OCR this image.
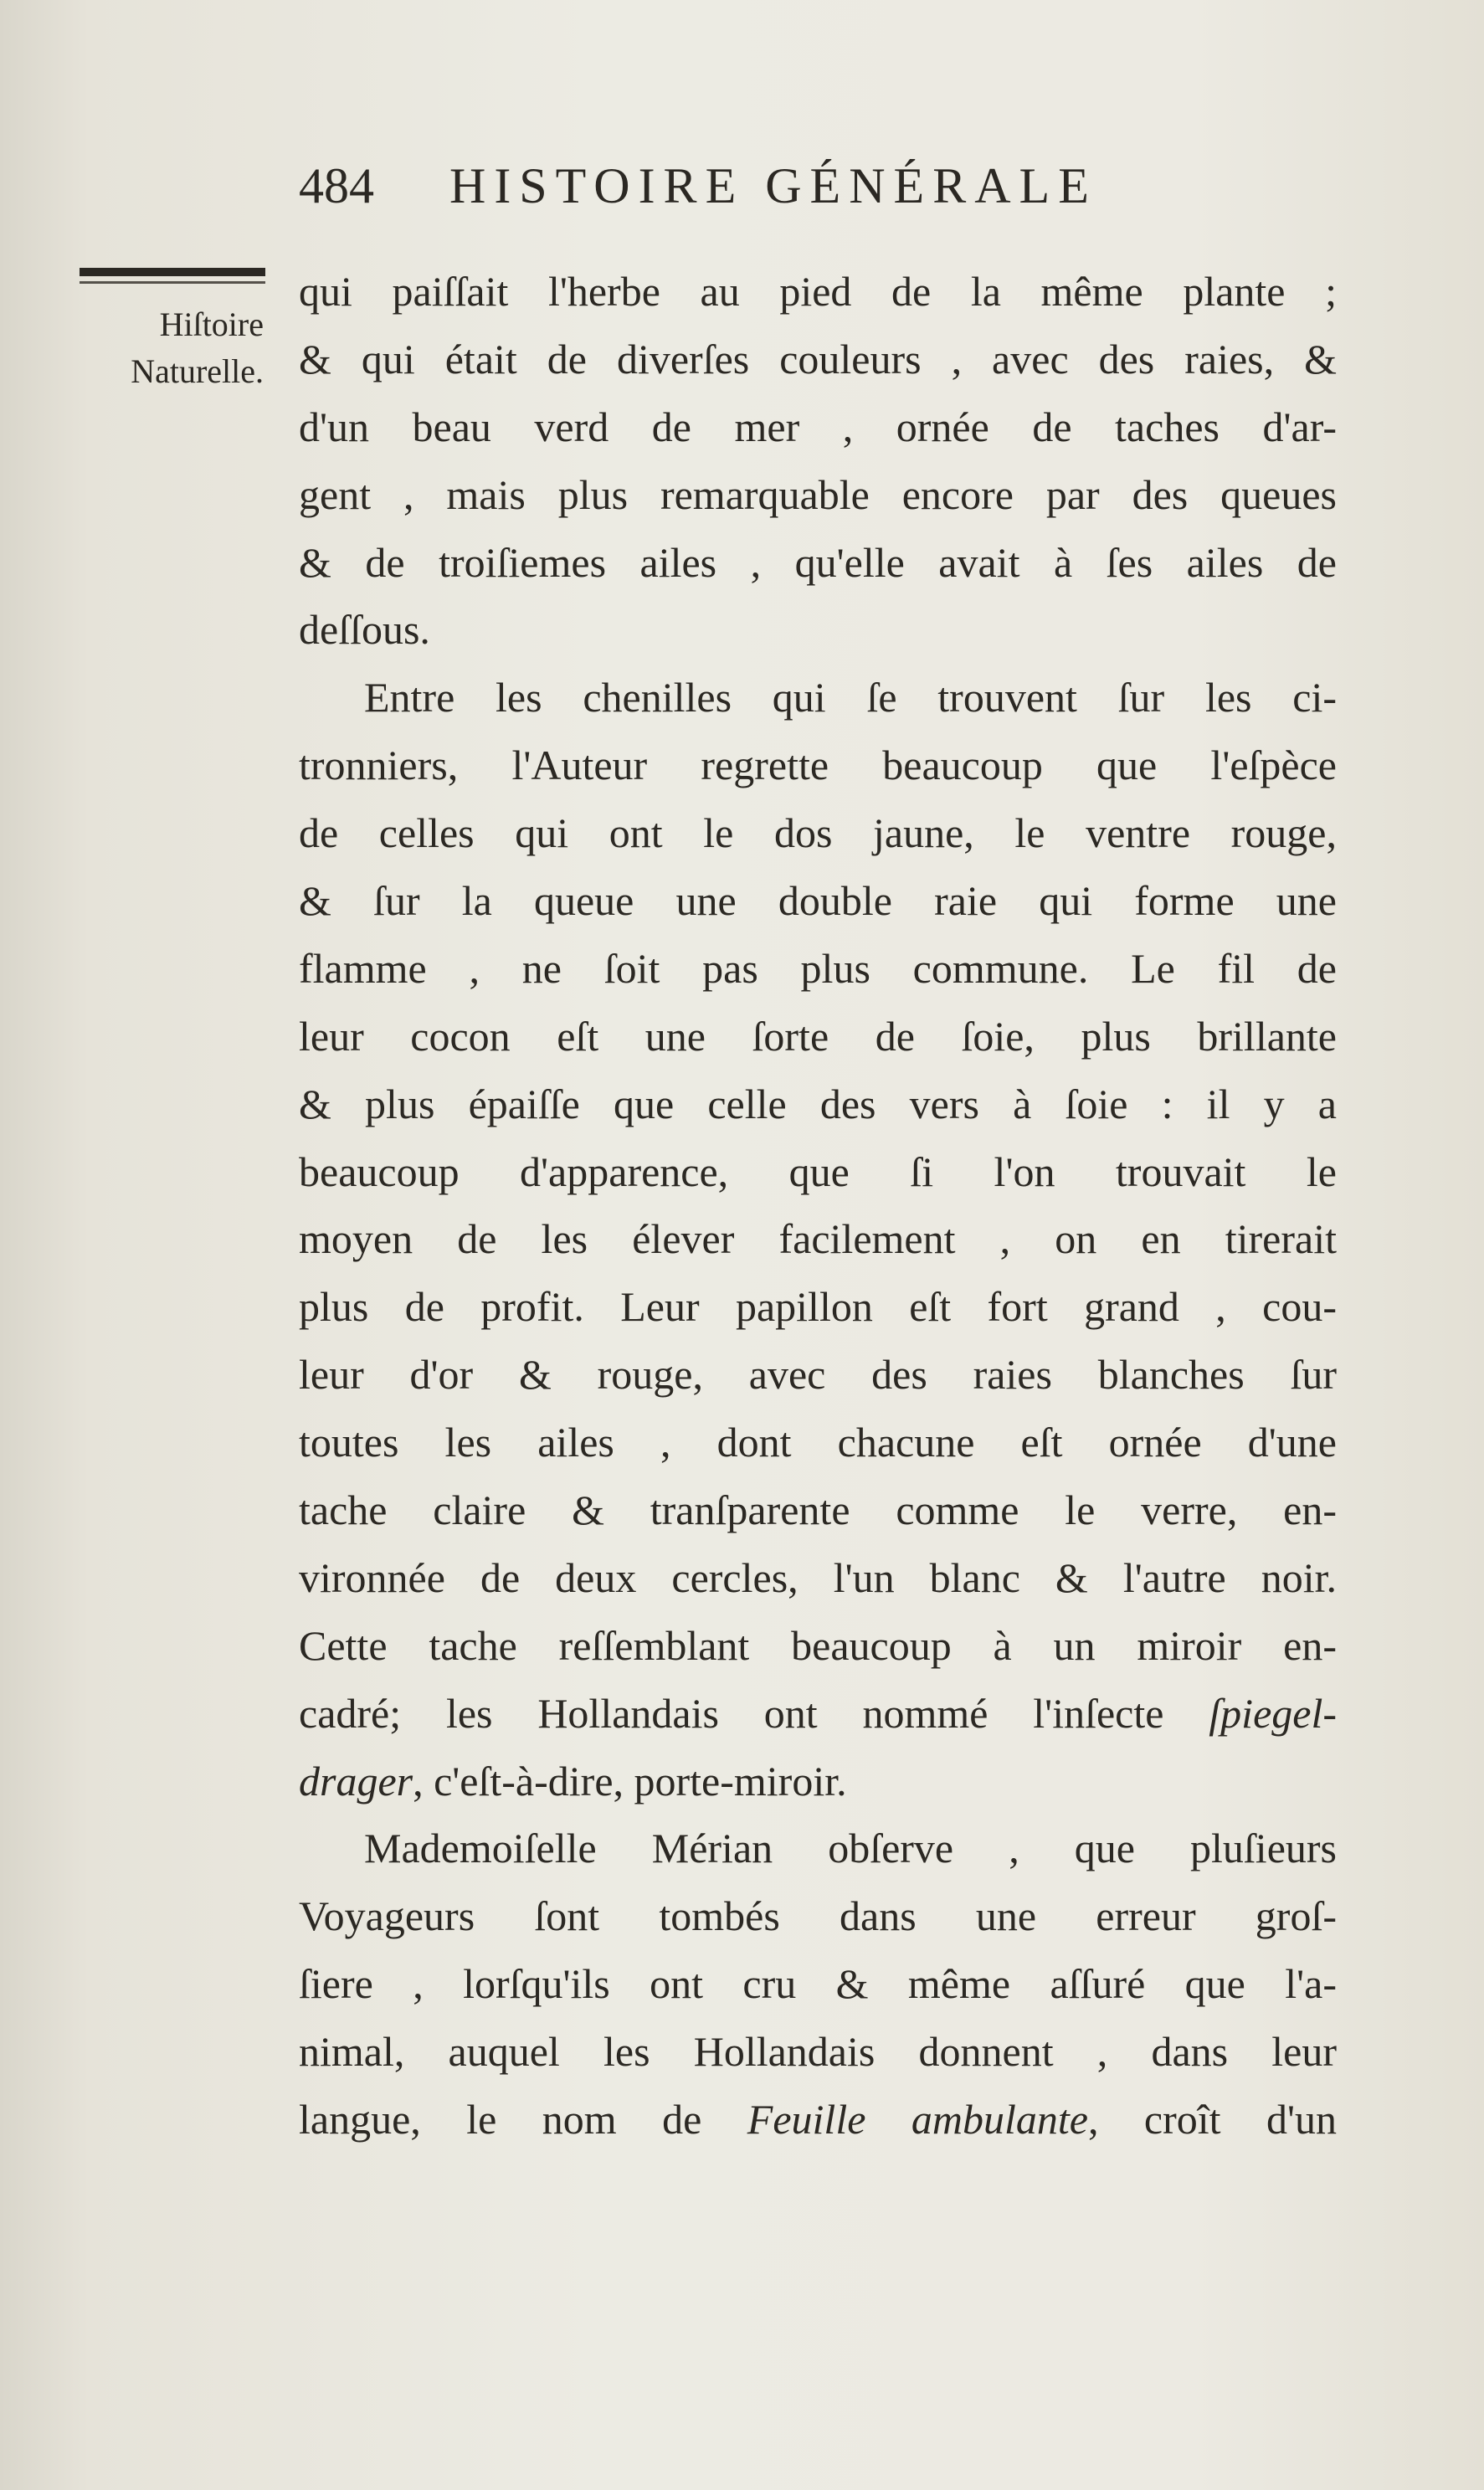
484 HISTOIRE GÉNÉRALE
Hiſtoire
Naturelle.
qui paiſſait l'herbe au pied de la même plante ;
& qui était de diverſes couleurs , avec des raies, &
d'un beau verd de mer , ornée de taches d'ar-
gent , mais plus remarquable encore par des queues
& de troiſiemes ailes , qu'elle avait à ſes ailes de
deſſous.
Entre les chenilles qui ſe trouvent ſur les ci-
tronniers, l'Auteur regrette beaucoup que l'eſpèce
de celles qui ont le dos jaune, le ventre rouge,
& ſur la queue une double raie qui forme une
flamme , ne ſoit pas plus commune. Le fil de
leur cocon eſt une ſorte de ſoie, plus brillante
& plus épaiſſe que celle des vers à ſoie : il y a
beaucoup d'apparence, que ſi l'on trouvait le
moyen de les élever facilement , on en tirerait
plus de profit. Leur papillon eſt fort grand , cou-
leur d'or & rouge, avec des raies blanches ſur
toutes les ailes , dont chacune eſt ornée d'une
tache claire & tranſparente comme le verre, en-
vironnée de deux cercles, l'un blanc & l'autre noir.
Cette tache reſſemblant beaucoup à un miroir en-
cadré; les Hollandais ont nommé l'inſecte ſpiegel-
drager, c'eſt-à-dire, porte-miroir.
Mademoiſelle Mérian obſerve , que pluſieurs
Voyageurs ſont tombés dans une erreur groſ-
ſiere , lorſqu'ils ont cru & même aſſuré que l'a-
nimal, auquel les Hollandais donnent , dans leur
langue, le nom de Feuille ambulante, croît d'un
